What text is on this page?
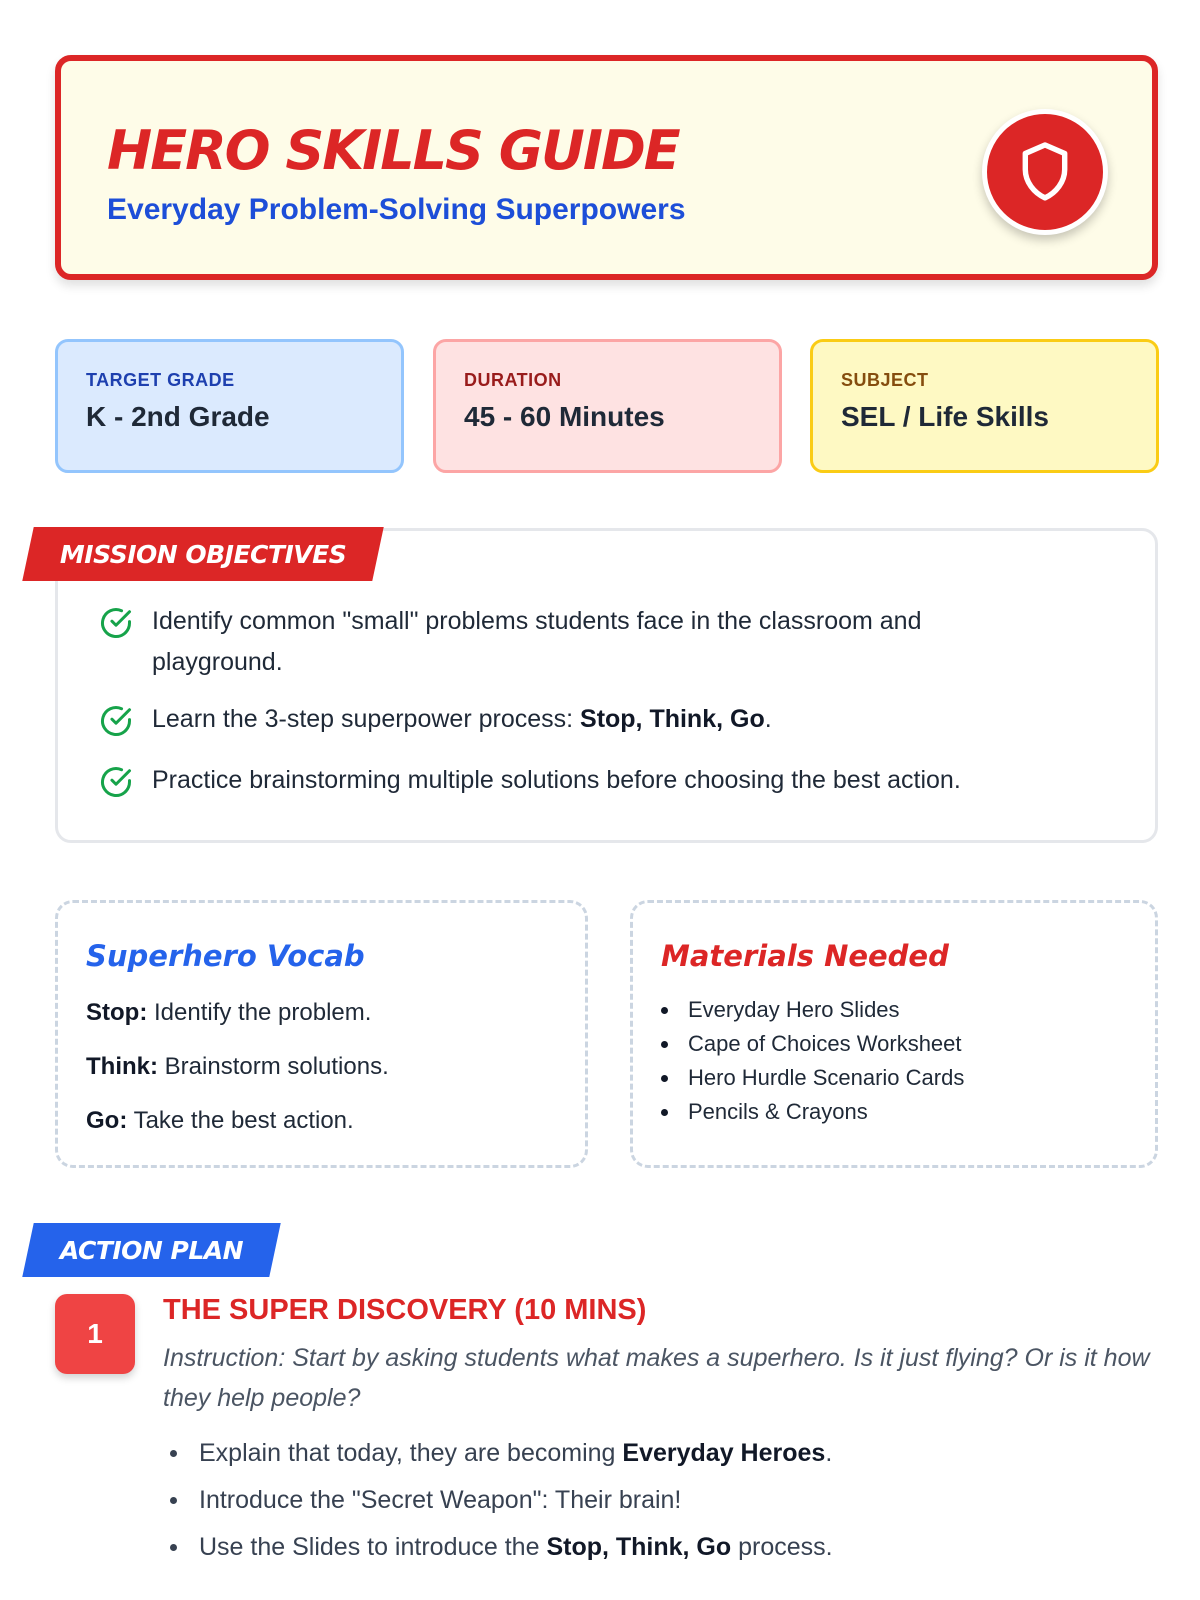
HERO SKILLS GUIDE
Everyday Problem-Solving Superpowers
TARGET GRADE
K - 2nd Grade
DURATION
45 - 60 Minutes
SUBJECT
SEL / Life Skills
Identify common "small" problems students face in the classroom and playground.
Learn the 3-step superpower process: Stop, Think, Go.
Practice brainstorming multiple solutions before choosing the best action.
MISSION OBJECTIVES
Superhero Vocab
Stop: Identify the problem.
Think: Brainstorm solutions.
Go: Take the best action.
Materials Needed
Everyday Hero Slides
Cape of Choices Worksheet
Hero Hurdle Scenario Cards
Pencils & Crayons
ACTION PLAN
1
THE SUPER DISCOVERY (10 MINS)
Instruction: Start by asking students what makes a superhero. Is it just flying? Or is it how they help people?
Explain that today, they are becoming Everyday Heroes.
Introduce the "Secret Weapon": Their brain!
Use the Slides to introduce the Stop, Think, Go process.
